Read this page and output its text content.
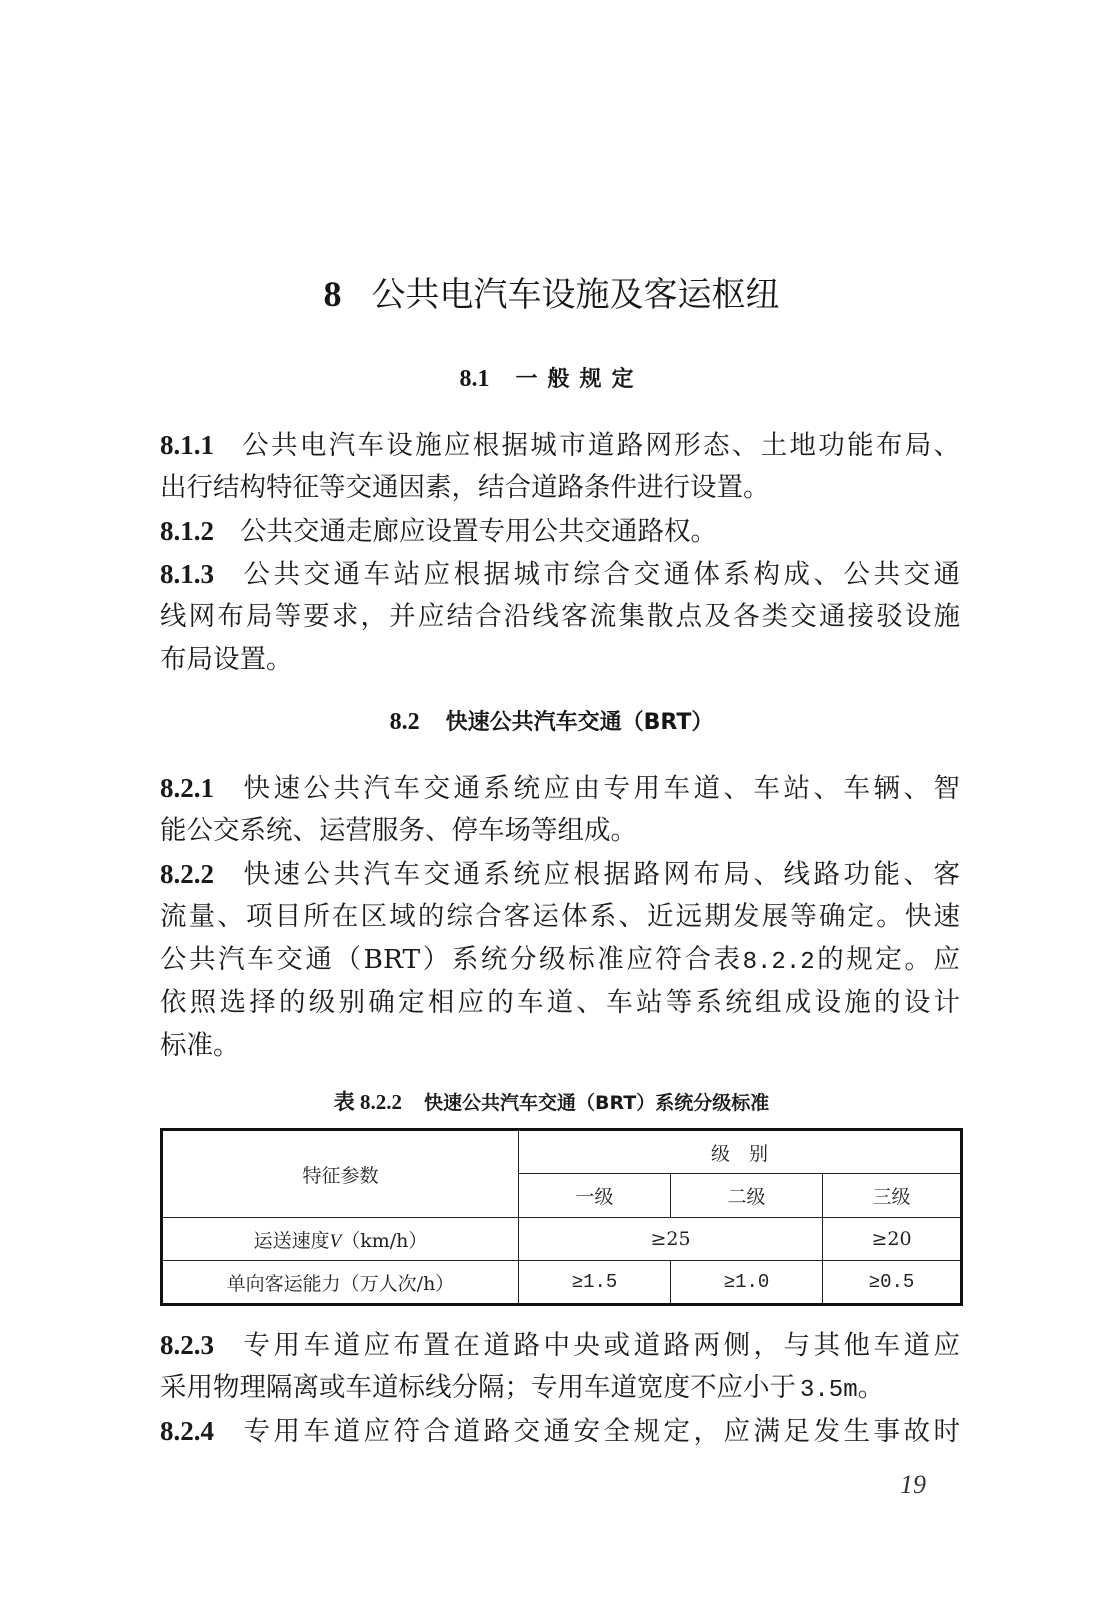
8 公共电汽车设施及客运枢纽
8.1 一般规定
8.1.1 公共电汽车设施应根据城市道路网形态、土地功能布局、
出行结构特征等交通因素，结合道路条件进行设置。
8.1.2 公共交通走廊应设置专用公共交通路权。
8.1.3 公共交通车站应根据城市综合交通体系构成、公共交通
线网布局等要求，并应结合沿线客流集散点及各类交通接驳设施
布局设置。
8.2 快速公共汽车交通（BRT）
8.2.1 快速公共汽车交通系统应由专用车道、车站、车辆、智
能公交系统、运营服务、停车场等组成。
8.2.2 快速公共汽车交通系统应根据路网布局、线路功能、客
流量、项目所在区域的综合客运体系、近远期发展等确定。快速
公共汽车交通（BRT）系统分级标准应符合表8.2.2的规定。应
依照选择的级别确定相应的车道、车站等系统组成设施的设计
标准。
表 8.2.2 快速公共汽车交通（BRT）系统分级标准
特征参数	级　别		
	一级	二级	三级
运送速度V（km/h）	≥25		≥20
单向客运能力（万人次/h）	≥1.5	≥1.0	≥0.5
8.2.3 专用车道应布置在道路中央或道路两侧，与其他车道应
采用物理隔离或车道标线分隔；专用车道宽度不应小于 3.5m。
8.2.4 专用车道应符合道路交通安全规定，应满足发生事故时
19
